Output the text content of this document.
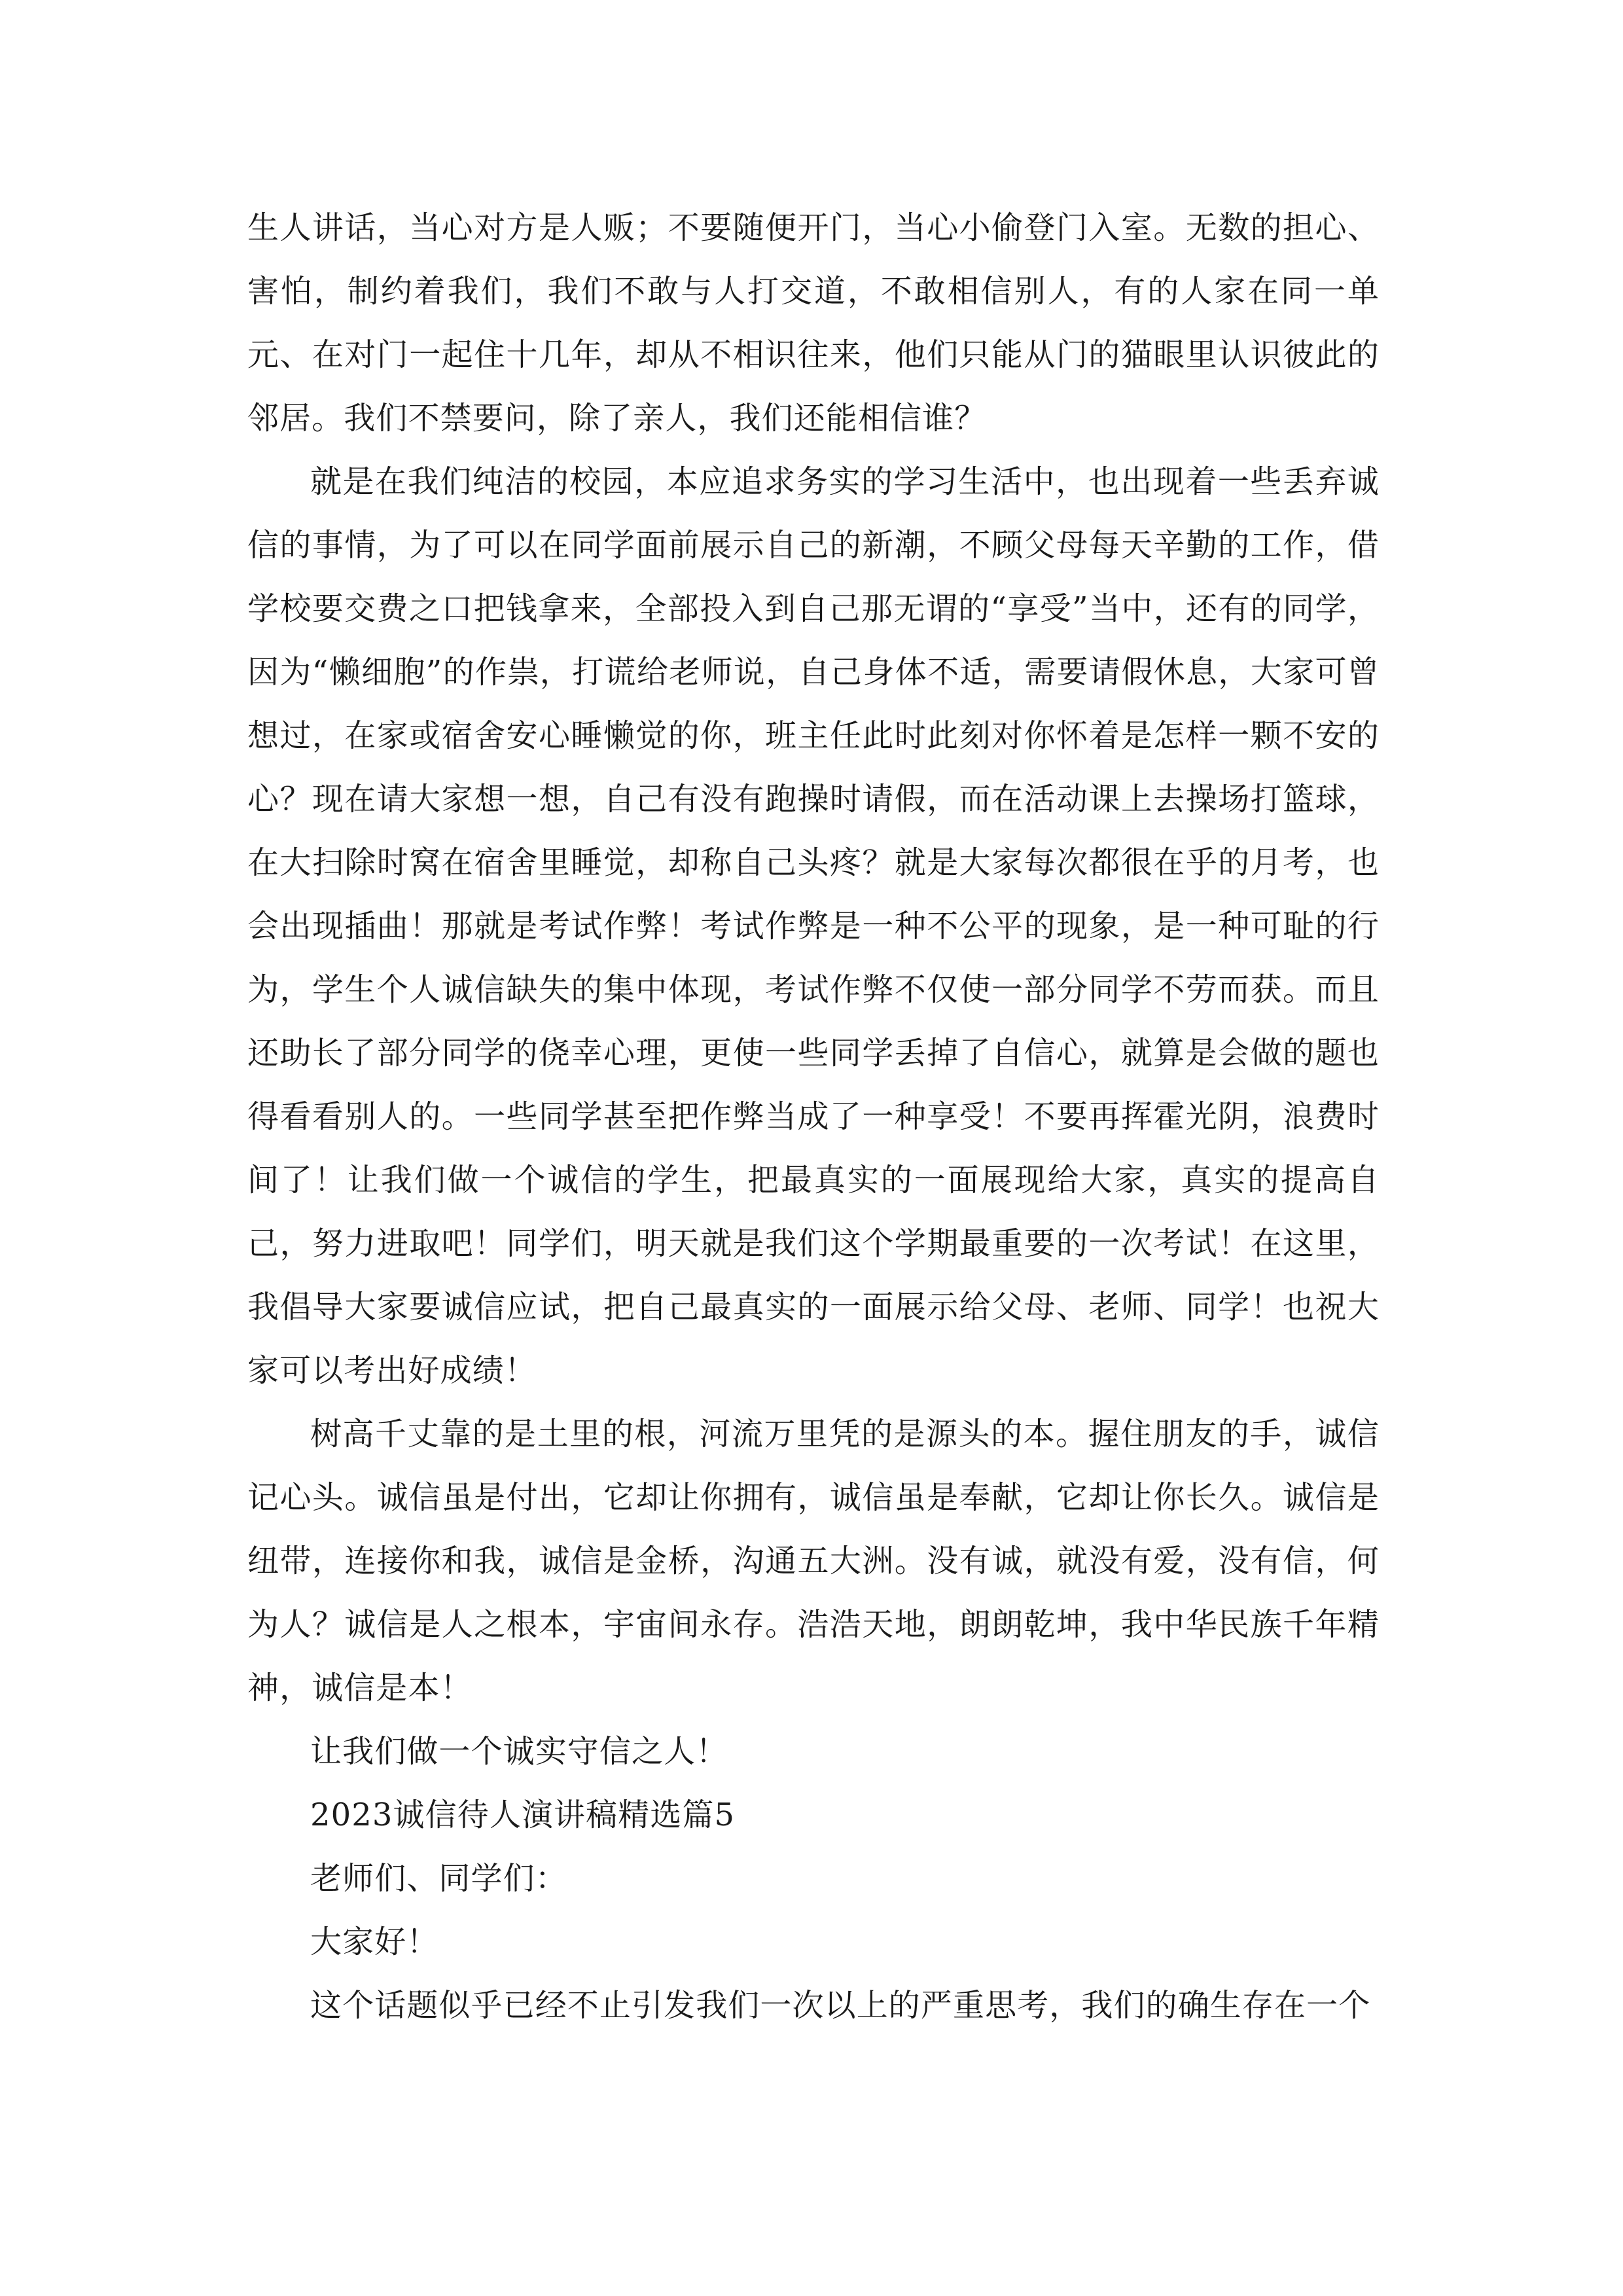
生人讲话，当心对方是人贩；不要随便开门，当心小偷登门入室。无数的担心、害怕，制约着我们，我们不敢与人打交道，不敢相信别人，有的人家在同一单元、在对门一起住十几年，却从不相识往来，他们只能从门的猫眼里认识彼此的邻居。我们不禁要问，除了亲人，我们还能相信谁？

就是在我们纯洁的校园，本应追求务实的学习生活中，也出现着一些丢弃诚信的事情，为了可以在同学面前展示自己的新潮，不顾父母每天辛勤的工作，借学校要交费之口把钱拿来，全部投入到自己那无谓的“享受”当中，还有的同学，因为“懒细胞”的作祟，打谎给老师说，自己身体不适，需要请假休息，大家可曾想过，在家或宿舍安心睡懒觉的你，班主任此时此刻对你怀着是怎样一颗不安的心？现在请大家想一想，自己有没有跑操时请假，而在活动课上去操场打篮球，在大扫除时窝在宿舍里睡觉，却称自己头疼？就是大家每次都很在乎的月考，也会出现插曲！那就是考试作弊！考试作弊是一种不公平的现象，是一种可耻的行为，学生个人诚信缺失的集中体现，考试作弊不仅使一部分同学不劳而获。而且还助长了部分同学的侥幸心理，更使一些同学丢掉了自信心，就算是会做的题也得看看别人的。一些同学甚至把作弊当成了一种享受！不要再挥霍光阴，浪费时间了！让我们做一个诚信的学生，把最真实的一面展现给大家，真实的提高自己，努力进取吧！同学们，明天就是我们这个学期最重要的一次考试！在这里，我倡导大家要诚信应试，把自己最真实的一面展示给父母、老师、同学！也祝大家可以考出好成绩！

树高千丈靠的是土里的根，河流万里凭的是源头的本。握住朋友的手，诚信记心头。诚信虽是付出，它却让你拥有，诚信虽是奉献，它却让你长久。诚信是纽带，连接你和我，诚信是金桥，沟通五大洲。没有诚，就没有爱，没有信，何为人？诚信是人之根本，宇宙间永存。浩浩天地，朗朗乾坤，我中华民族千年精神，诚信是本！

让我们做一个诚实守信之人！

2023诚信待人演讲稿精选篇5

老师们、同学们：

大家好！

这个话题似乎已经不止引发我们一次以上的严重思考，我们的确生存在一个
